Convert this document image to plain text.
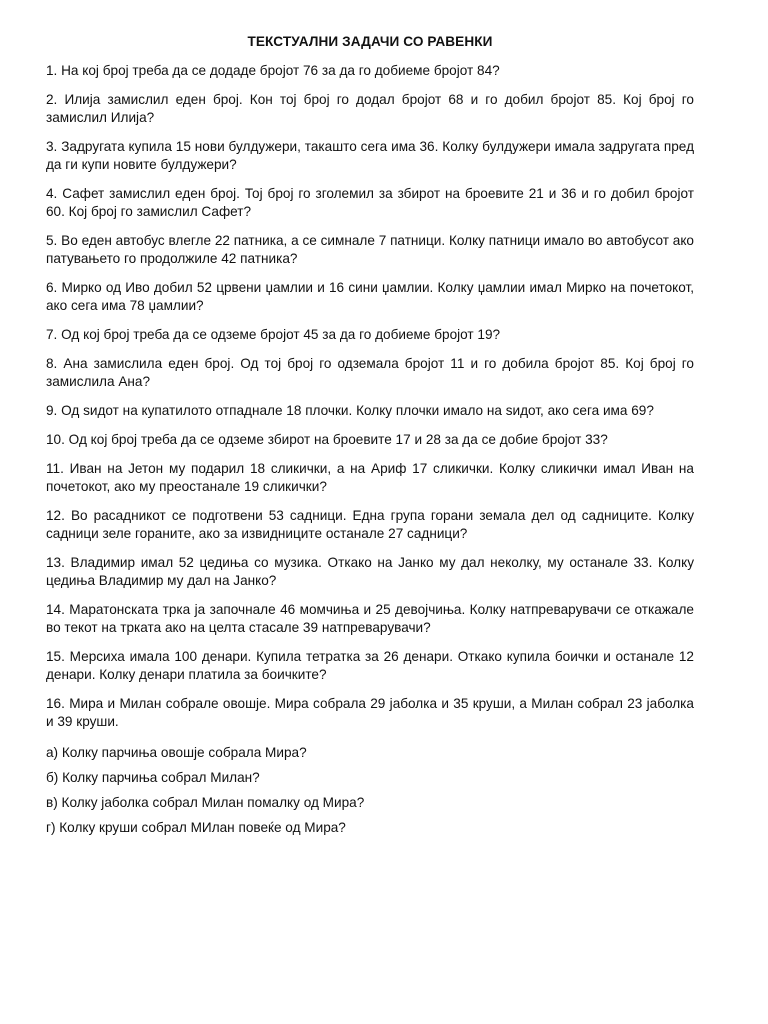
ТЕКСТУАЛНИ ЗАДАЧИ СО РАВЕНКИ
1. На кој број треба да се додаде бројот 76 за да го добиеме бројот 84?
2. Илија замислил еден број. Кон тој број го додал бројот 68 и го добил бројот 85. Кој број го замислил Илија?
3. Задругата купила 15 нови булдужери, такашто сега има 36. Колку булдужери имала задругата пред да ги купи новите булдужери?
4. Сафет замислил еден број. Тој број го зголемил за збирот на броевите 21 и 36 и го добил бројот 60. Кој број го замислил Сафет?
5. Во еден автобус влегле 22 патника, а се симнале 7 патници. Колку патници имало во автобусот ако патувањето го продолжиле 42 патника?
6. Мирко од Иво добил 52 црвени џамлии и 16 сини џамлии. Колку џамлии имал Мирко на почетокот, ако сега има 78 џамлии?
7. Од кој број треба да се одземе бројот 45 за да го добиеме бројот 19?
8. Ана замислила еден број. Од тој број го одземала бројот 11 и го добила бројот 85. Кој број го замислила Ана?
9. Од ѕидот на купатилото отпаднале 18 плочки. Колку плочки имало на ѕидот, ако сега има 69?
10. Од кој број треба да се одземе збирот на броевите 17 и 28 за да се добие бројот 33?
11. Иван на Јетон му подарил 18 сликички, а на Ариф 17 сликички. Колку сликички имал Иван на почетокот, ако му преостанале 19 сликички?
12. Во расадникот се подготвени 53 садници. Една група горани земала дел од садниците. Колку садници зеле горанитe, ако за извидниците останале 27 садници?
13. Владимир имал 52 цедиња со музика. Откако на Јанко му дал неколку, му останале 33. Колку цедиња Владимир му дал на Јанко?
14. Маратонската трка ја започнале 46 момчиња и 25 девојчиња. Колку натпреварувачи се откажале во текот на трката ако на целта стасале 39 натпреварувачи?
15. Мерсиха имала 100 денари. Купила тетратка за 26 денари. Откако купила боички и останале 12 денари. Колку денари платила за боичките?
16. Мира и Милан собрале овошје. Мира собрала 29 јаболка и 35 круши, а Милан собрал 23 јаболка и 39 круши.
а) Колку парчиња овошје собрала Мира?
б) Колку парчиња собрал Милан?
в) Колку јаболка собрал Милан помалку од Мира?
г) Колку круши собрал МИлан повеќе од Мира?
